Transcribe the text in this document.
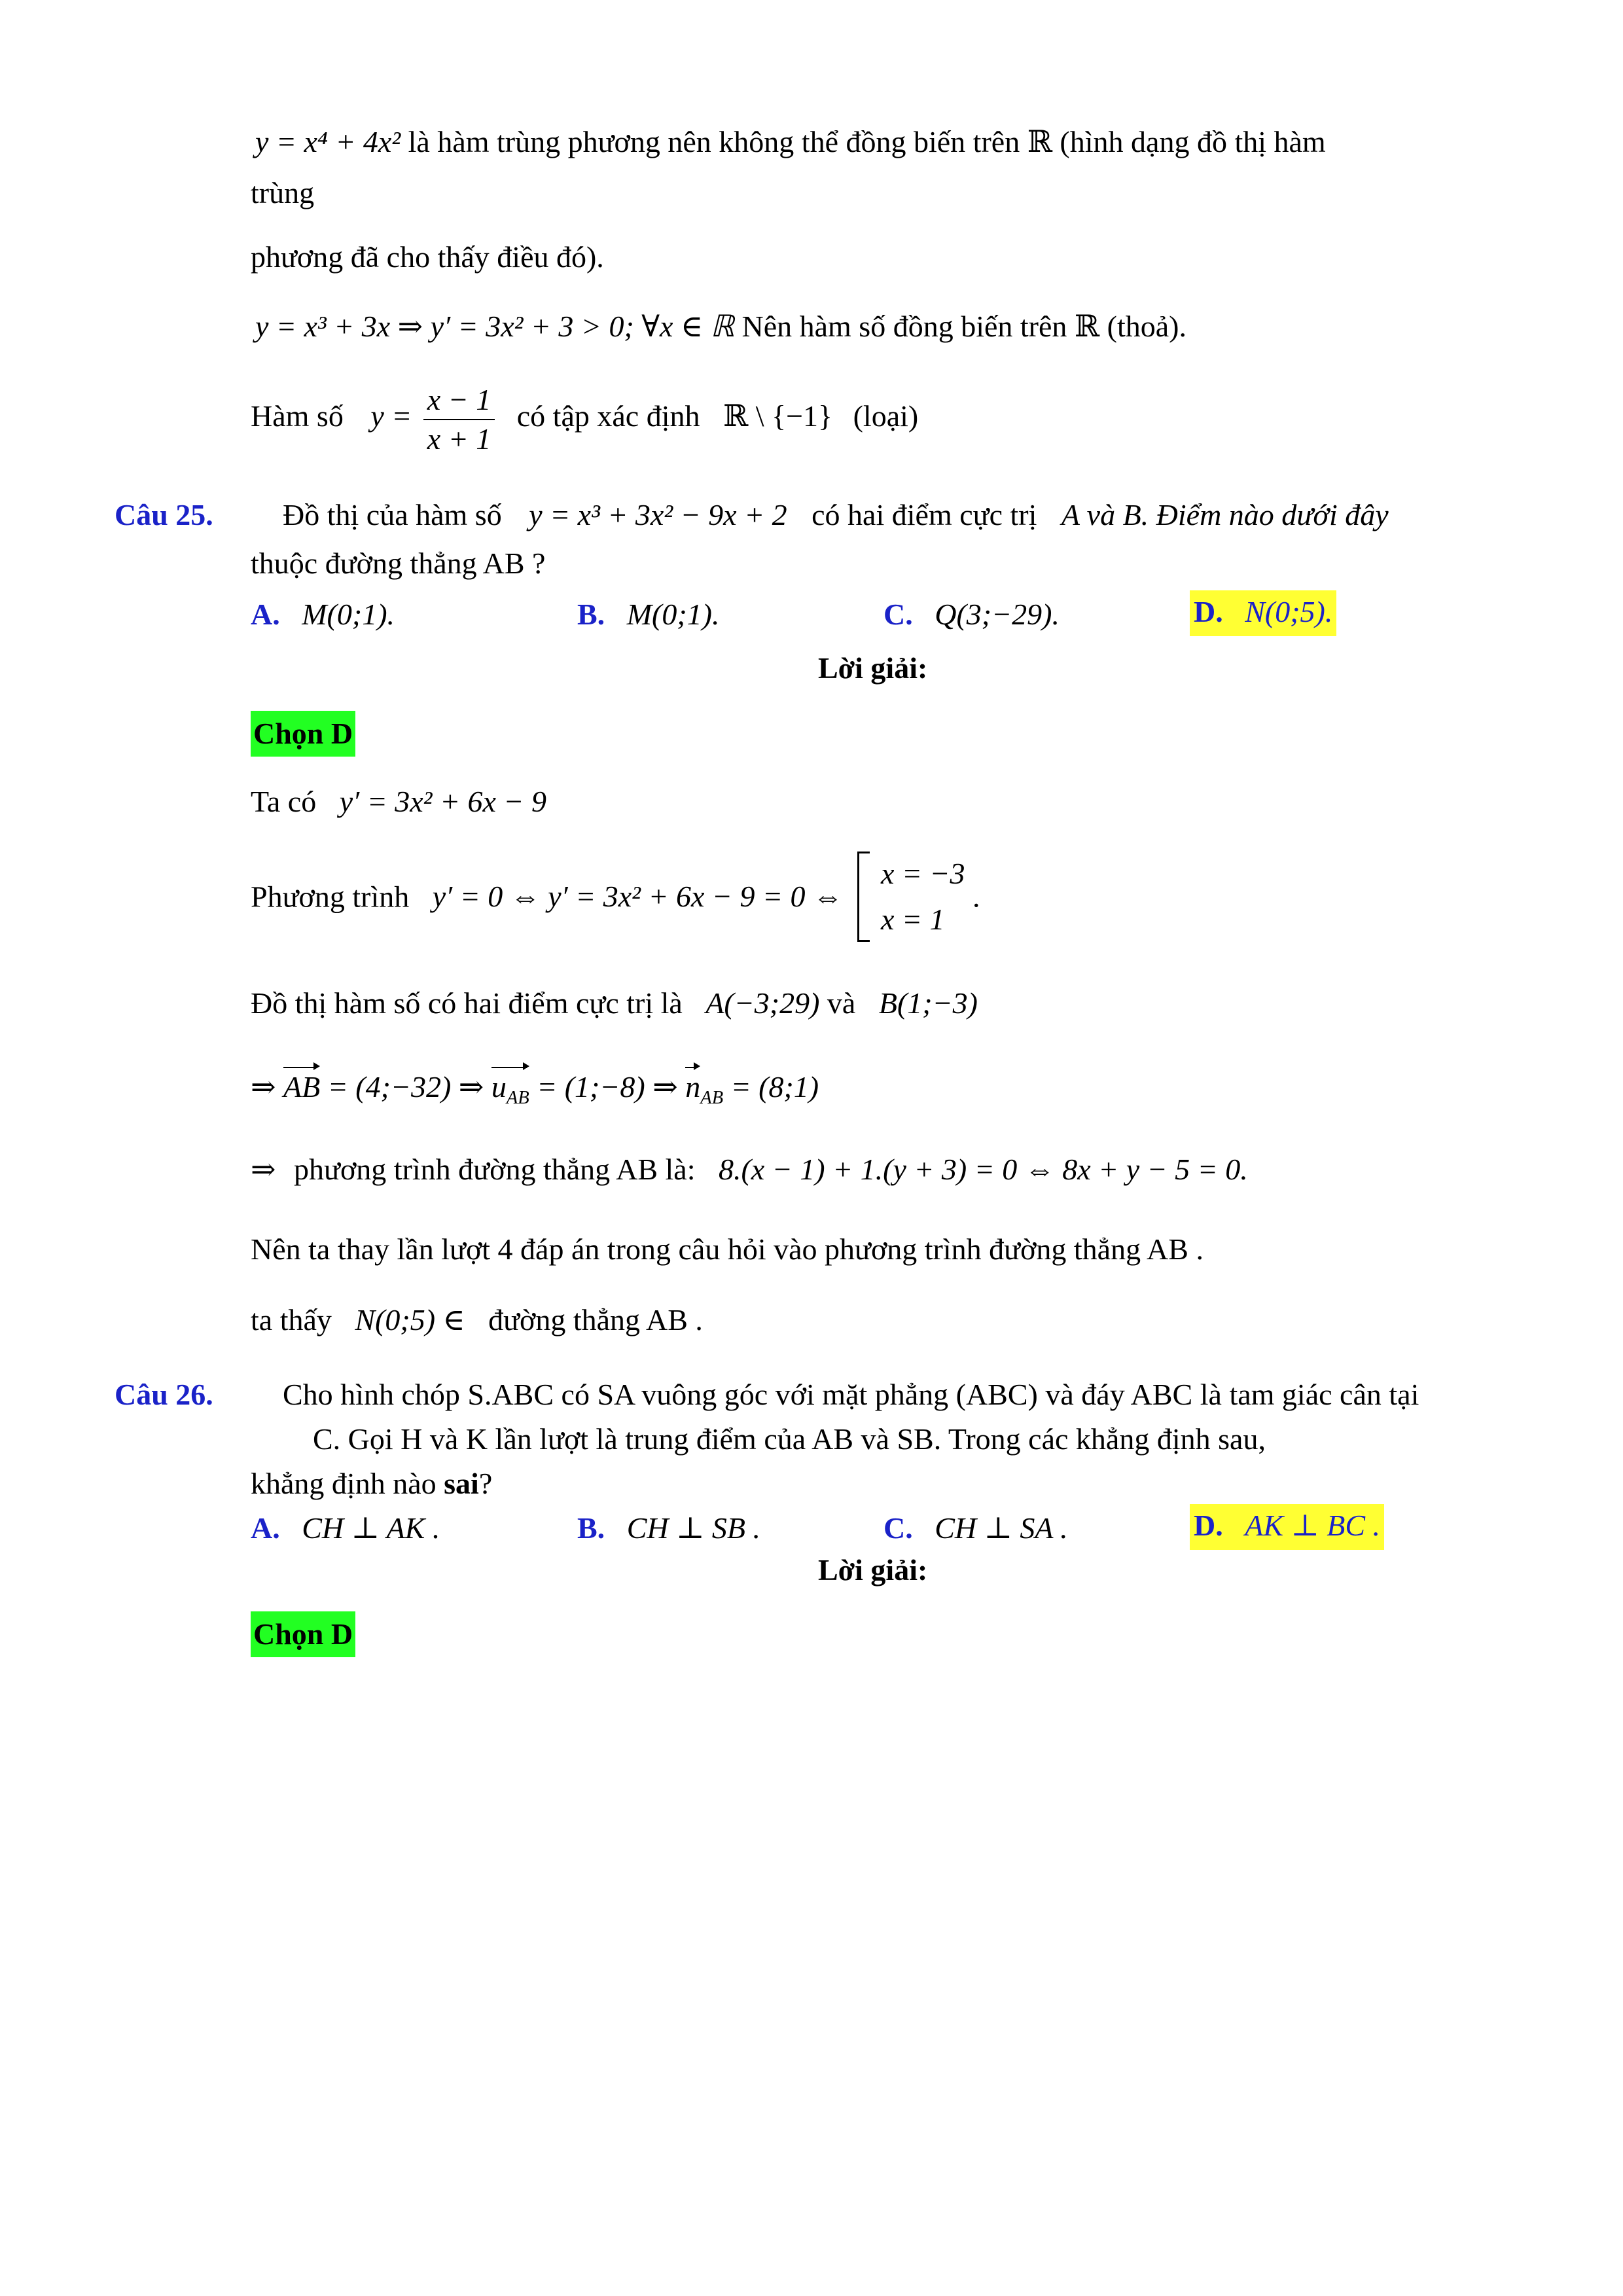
y = x⁴ + 4x² là hàm trùng phương nên không thể đồng biến trên ℝ (hình dạng đồ thị hàm
trùng
phương đã cho thấy điều đó).
y = x³ + 3x ⇒ y′ = 3x² + 3 > 0; ∀x ∈ ℝ Nên hàm số đồng biến trên ℝ (thoả).
Hàm số $y = \frac{x - 1}{x + 1}$ có tập xác định ℝ \ {−1} (loại)
Câu 25. Đồ thị của hàm số y = x³ + 3x² − 9x + 2 có hai điểm cực trị A và B. Điểm nào dưới đây
thuộc đường thẳng AB ?
A. M(0;1).	B. M(0;1).	C. Q(3;−29).	D. N(0;5).
Lời giải:
Chọn D
Ta có y′ = 3x² + 6x − 9
Phương trình y′ = 0 ⇔ y′ = 3x² + 6x − 9 = 0 ⇔
x = −3
x = 1
.
Đồ thị hàm số có hai điểm cực trị là A(−3;29) và B(1;−3)
⇒ AB = (4;−32) ⇒ $u_{AB}$ = (1;−8) ⇒ $n_{AB}$ = (8;1)
⇒ phương trình đường thẳng AB là: 8.(x − 1) + 1.(y + 3) = 0 ⇔ 8x + y − 5 = 0.
Nên ta thay lần lượt 4 đáp án trong câu hỏi vào phương trình đường thẳng AB .
ta thấy N(0;5) ∈ đường thẳng AB .
Câu 26. Cho hình chóp S.ABC có SA vuông góc với mặt phẳng (ABC) và đáy ABC là tam giác cân tại
C. Gọi H và K lần lượt là trung điểm của AB và SB. Trong các khẳng định sau,
khẳng định nào sai?
A. CH ⊥ AK .	B. CH ⊥ SB .	C. CH ⊥ SA .	D. AK ⊥ BC .
Lời giải:
Chọn D
